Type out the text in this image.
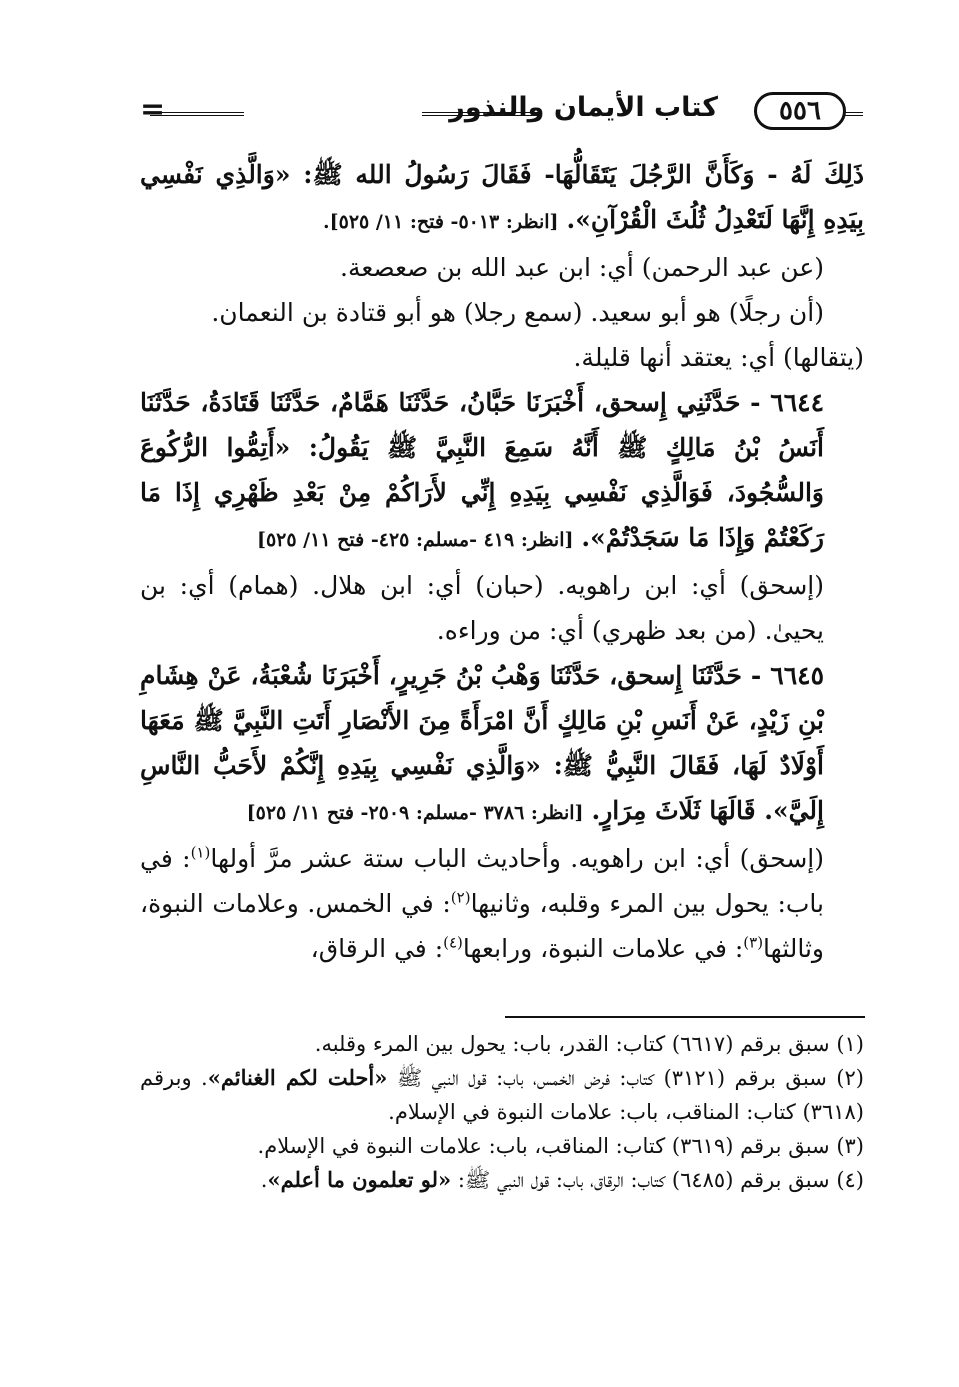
=	كتاب الأيمان والنذور	٥٥٦

ذَلِكَ لَهُ - وَكَأَنَّ الرَّجُلَ يَتَقَالُّهَا- فَقَالَ رَسُولُ الله ﷺ: «وَالَّذِي نَفْسِي بِيَدِهِ إِنَّهَا لَتَعْدِلُ ثُلُثَ الْقُرْآنِ». [انظر: ٥٠١٣- فتح: ١١/ ٥٢٥].

(عن عبد الرحمن) أي: ابن عبد الله بن صعصعة.

(أن رجلًا) هو أبو سعيد. (سمع رجلا) هو أبو قتادة بن النعمان.

(يتقالها) أي: يعتقد أنها قليلة.

٦٦٤٤ - حَدَّثَنِي إِسحق، أَخْبَرَنَا حَبَّانُ، حَدَّثَنَا هَمَّامٌ، حَدَّثَنَا قَتَادَةُ، حَدَّثَنَا أَنَسُ بْنُ مَالِكٍ ﷺ أَنَّهُ سَمِعَ النَّبِيَّ ﷺ يَقُولُ: «أَتِمُّوا الرُّكُوعَ وَالسُّجُودَ، فَوَالَّذِي نَفْسِي بِيَدِهِ إِنِّي لأَرَاكُمْ مِنْ بَعْدِ ظَهْرِي إِذَا مَا رَكَعْتُمْ وَإِذَا مَا سَجَدْتُمْ». [انظر: ٤١٩ -مسلم: ٤٢٥- فتح ١١/ ٥٢٥]

(إسحق) أي: ابن راهويه. (حبان) أي: ابن هلال. (همام) أي: بن يحيىٰ. (من بعد ظهري) أي: من وراءه.

٦٦٤٥ - حَدَّثَنَا إِسحق، حَدَّثَنَا وَهْبُ بْنُ جَرِيرٍ، أَخْبَرَنَا شُعْبَةُ، عَنْ هِشَامِ بْنِ زَيْدٍ، عَنْ أَنَسِ بْنِ مَالِكٍ أَنَّ امْرَأَةً مِنَ الأَنْصَارِ أَتَتِ النَّبِيَّ ﷺ مَعَهَا أَوْلَادٌ لَهَا، فَقَالَ النَّبِيُّ ﷺ: «وَالَّذِي نَفْسِي بِيَدِهِ إِنَّكُمْ لأَحَبُّ النَّاسِ إِلَيَّ». قَالَهَا ثَلَاثَ مِرَارٍ. [انظر: ٣٧٨٦ -مسلم: ٢٥٠٩- فتح ١١/ ٥٢٥]

(إسحق) أي: ابن راهويه. وأحاديث الباب ستة عشر مرَّ أولها$^{(١)}$: في باب: يحول بين المرء وقلبه، وثانيها$^{(٢)}$: في الخمس. وعلامات النبوة، وثالثها$^{(٣)}$: في علامات النبوة، ورابعها$^{(٤)}$: في الرقاق،

(١) سبق برقم (٦٦١٧) كتاب: القدر، باب: يحول بين المرء وقلبه.

(٢) سبق برقم (٣١٢١) كتاب: فرض الخمس، باب: قول النبي ﷺ «أحلت لكم الغنائم». وبرقم (٣٦١٨) كتاب: المناقب، باب: علامات النبوة في الإسلام.

(٣) سبق برقم (٣٦١٩) كتاب: المناقب، باب: علامات النبوة في الإسلام.

(٤) سبق برقم (٦٤٨٥) كتاب: الرقاق، باب: قول النبي ﷺ: «لو تعلمون ما أعلم».
